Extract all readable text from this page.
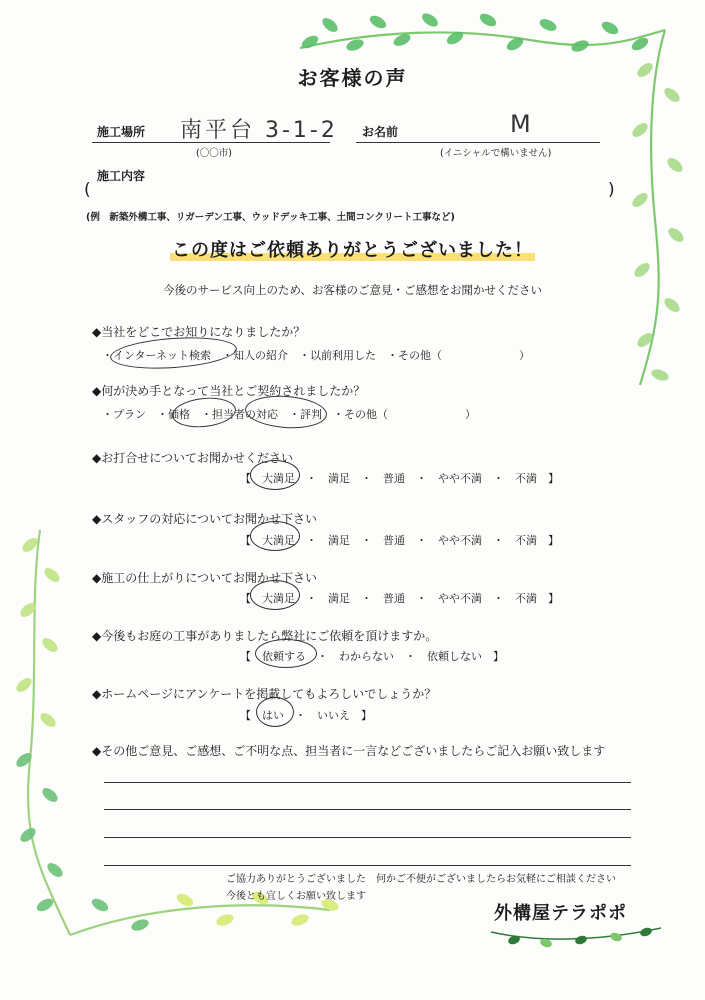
お客様の声
施工場所 南平台 3-1-2
(〇〇市)
お名前	M
(イニシャルで構いません)
施工内容
(	)
(例　新築外構工事、リガーデン工事、ウッドデッキ工事、土間コンクリート工事など)
この度はご依頼ありがとうございました！
今後のサービス向上のため、お客様のご意見・ご感想をお聞かせください
◆当社をどこでお知りになりましたか？
・インターネット検索　・知人の紹介　・以前利用した　・その他（　　　　　　　）
◆何が決め手となって当社とご契約されましたか？
・プラン　・価格　・担当者の対応　・評判　・その他（　　　　　　　）
◆お打合せについてお聞かせください
【　大満足　・　満足　・　普通　・　やや不満　・　不満　】
◆スタッフの対応についてお聞かせ下さい
【　大満足　・　満足　・　普通　・　やや不満　・　不満　】
◆施工の仕上がりについてお聞かせ下さい
【　大満足　・　満足　・　普通　・　やや不満　・　不満　】
◆今後もお庭の工事がありましたら弊社にご依頼を頂けますか。
【　依頼する　・　わからない　・　依頼しない　】
◆ホームページにアンケートを掲載してもよろしいでしょうか？
【　はい　・　いいえ　】
◆その他ご意見、ご感想、ご不明な点、担当者に一言などございましたらご記入お願い致します
ご協力ありがとうございました　何かご不便がございましたらお気軽にご相談ください
今後とも宜しくお願い致します
外構屋テラポポ
